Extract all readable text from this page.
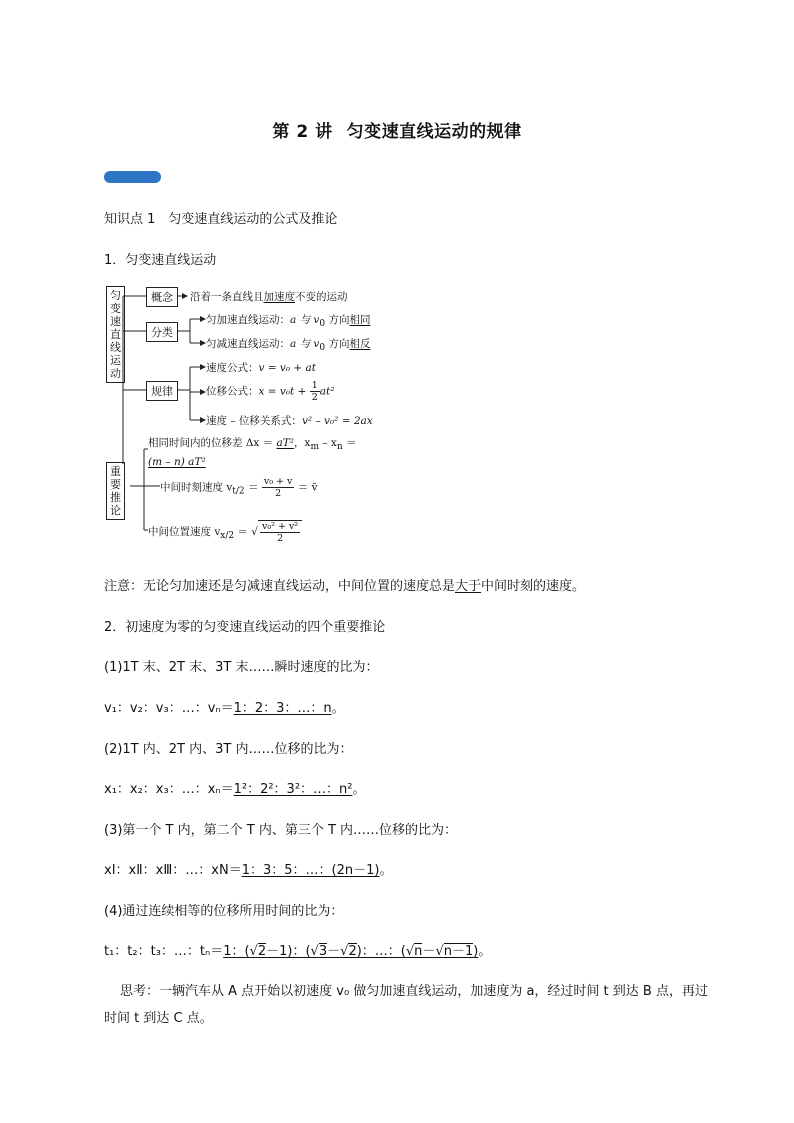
第 2 讲 匀变速直线运动的规律
知识点 1　匀变速直线运动的公式及推论
1．匀变速直线运动
匀变速直线运动
概念	沿着一条直线且加速度不变的运动
分类
匀加速直线运动：a 与 $v_0$ 方向相同
匀减速直线运动：a 与 $v_0$ 方向相反
规律
速度公式：v = v₀ + at
位移公式：$x = v_0t + \frac{1}{2} at^2$
速度 – 位移关系式：v² – v₀² = 2ax
重要推论
相同时间内的位移差 Δx ＝ aT²，$x_m - x_n$ ＝
(m – n) aT²
中间时刻速度 $v_{t/2} = \frac{\text{v₀ + v}}{2}$ ＝ v̄
中间位置速度 $v_{x/2}$ ＝ √ $\frac{\text{v₀² + v²}}{2}$
注意：无论匀加速还是匀减速直线运动，中间位置的速度总是大于中间时刻的速度。
2．初速度为零的匀变速直线运动的四个重要推论
(1)1T 末、2T 末、3T 末……瞬时速度的比为：
v₁：v₂：v₃：…：vₙ＝1：2：3：…：n。
(2)1T 内、2T 内、3T 内……位移的比为：
x₁：x₂：x₃：…：xₙ＝1²：2²：3²：…：n²。
(3)第一个 T 内，第二个 T 内、第三个 T 内……位移的比为：
xⅠ：xⅡ：xⅢ：…：xN＝1：3：5：…：(2n－1)。
(4)通过连续相等的位移所用时间的比为：
t₁：t₂：t₃：…：tₙ＝1：(√2－1)：(√3－√2)：…：(√n－√n－1)。
思考：一辆汽车从 A 点开始以初速度 v₀ 做匀加速直线运动，加速度为 a，经过时间 t 到达 B 点，再过
时间 t 到达 C 点。
